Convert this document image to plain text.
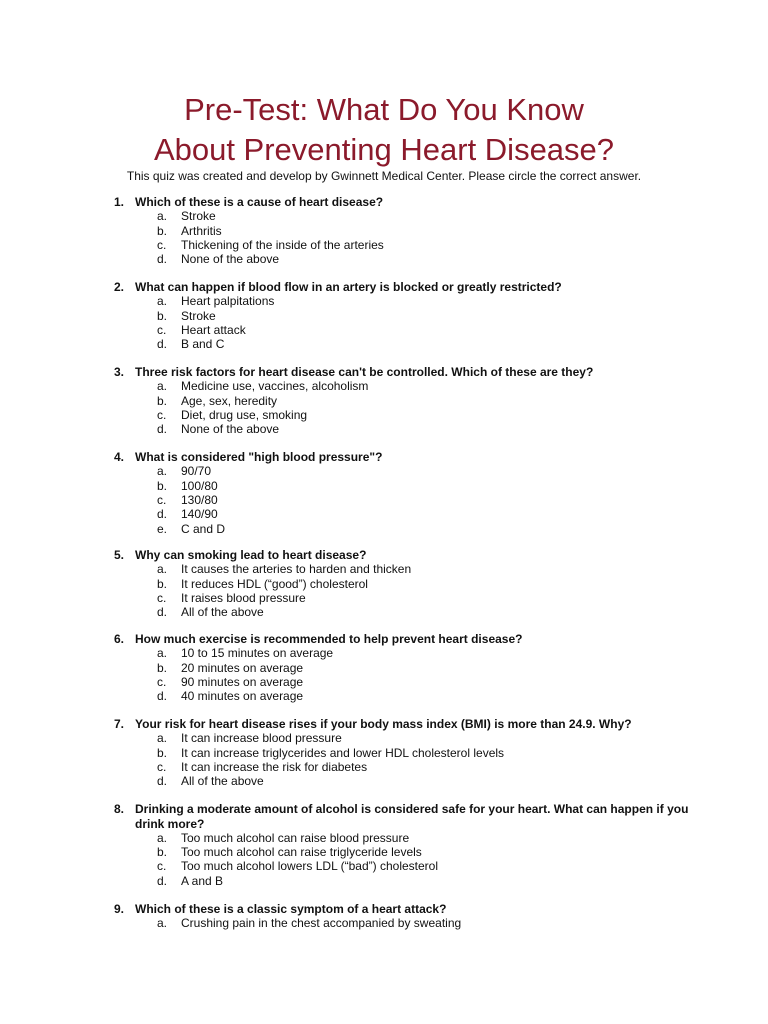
Pre-Test: What Do You Know
About Preventing Heart Disease?
This quiz was created and develop by Gwinnett Medical Center. Please circle the correct answer.
1. Which of these is a cause of heart disease?
a. Stroke
b. Arthritis
c. Thickening of the inside of the arteries
d. None of the above
2. What can happen if blood flow in an artery is blocked or greatly restricted?
a. Heart palpitations
b. Stroke
c. Heart attack
d. B and C
3. Three risk factors for heart disease can't be controlled. Which of these are they?
a. Medicine use, vaccines, alcoholism
b. Age, sex, heredity
c. Diet, drug use, smoking
d. None of the above
4. What is considered "high blood pressure"?
a. 90/70
b. 100/80
c. 130/80
d. 140/90
e. C and D
5. Why can smoking lead to heart disease?
a. It causes the arteries to harden and thicken
b. It reduces HDL (“good”) cholesterol
c. It raises blood pressure
d. All of the above
6. How much exercise is recommended to help prevent heart disease?
a. 10 to 15 minutes on average
b. 20 minutes on average
c. 90 minutes on average
d. 40 minutes on average
7. Your risk for heart disease rises if your body mass index (BMI) is more than 24.9. Why?
a. It can increase blood pressure
b. It can increase triglycerides and lower HDL cholesterol levels
c. It can increase the risk for diabetes
d. All of the above
8. Drinking a moderate amount of alcohol is considered safe for your heart. What can happen if you drink more?
a. Too much alcohol can raise blood pressure
b. Too much alcohol can raise triglyceride levels
c. Too much alcohol lowers LDL (“bad”) cholesterol
d. A and B
9. Which of these is a classic symptom of a heart attack?
a. Crushing pain in the chest accompanied by sweating
